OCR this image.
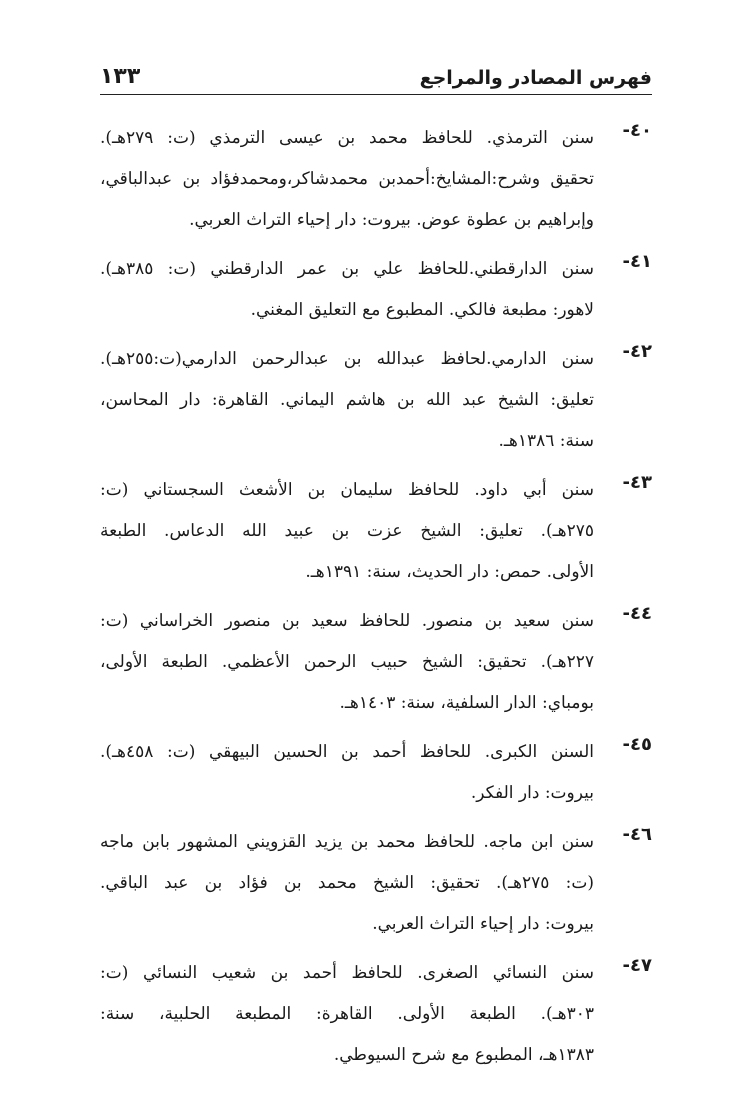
فهرس المصادر والمراجع
١٣٣
٤٠-
سنن الترمذي. للحافظ محمد بن عيسى الترمذي (ت: ٢٧٩هـ).
تحقيق وشرح:المشايخ:أحمدبن محمدشاكر،ومحمدفؤاد بن عبدالباقي،
وإبراهيم بن عطوة عوض. بيروت: دار إحياء التراث العربي.
٤١-
سنن الدارقطني.للحافظ علي بن عمر الدارقطني (ت: ٣٨٥هـ).
لاهور: مطبعة فالكي. المطبوع مع التعليق المغني.
٤٢-
سنن الدارمي.لحافظ عبدالله بن عبدالرحمن الدارمي(ت:٢٥٥هـ).
تعليق: الشيخ عبد الله بن هاشم اليماني. القاهرة: دار المحاسن،
سنة: ١٣٨٦هـ.
٤٣-
سنن أبي داود. للحافظ سليمان بن الأشعث السجستاني (ت:
٢٧٥هـ). تعليق: الشيخ عزت بن عبيد الله الدعاس. الطبعة
الأولى. حمص: دار الحديث، سنة: ١٣٩١هـ.
٤٤-
سنن سعيد بن منصور. للحافظ سعيد بن منصور الخراساني (ت:
٢٢٧هـ). تحقيق: الشيخ حبيب الرحمن الأعظمي. الطبعة الأولى،
بومباي: الدار السلفية، سنة: ١٤٠٣هـ.
٤٥-
السنن الكبرى. للحافظ أحمد بن الحسين البيهقي (ت: ٤٥٨هـ).
بيروت: دار الفكر.
٤٦-
سنن ابن ماجه. للحافظ محمد بن يزيد القزويني المشهور بابن ماجه
(ت: ٢٧٥هـ). تحقيق: الشيخ محمد بن فؤاد بن عبد الباقي.
بيروت: دار إحياء التراث العربي.
٤٧-
سنن النسائي الصغرى. للحافظ أحمد بن شعيب النسائي (ت:
٣٠٣هـ). الطبعة الأولى. القاهرة: المطبعة الحلبية، سنة:
١٣٨٣هـ، المطبوع مع شرح السيوطي.
